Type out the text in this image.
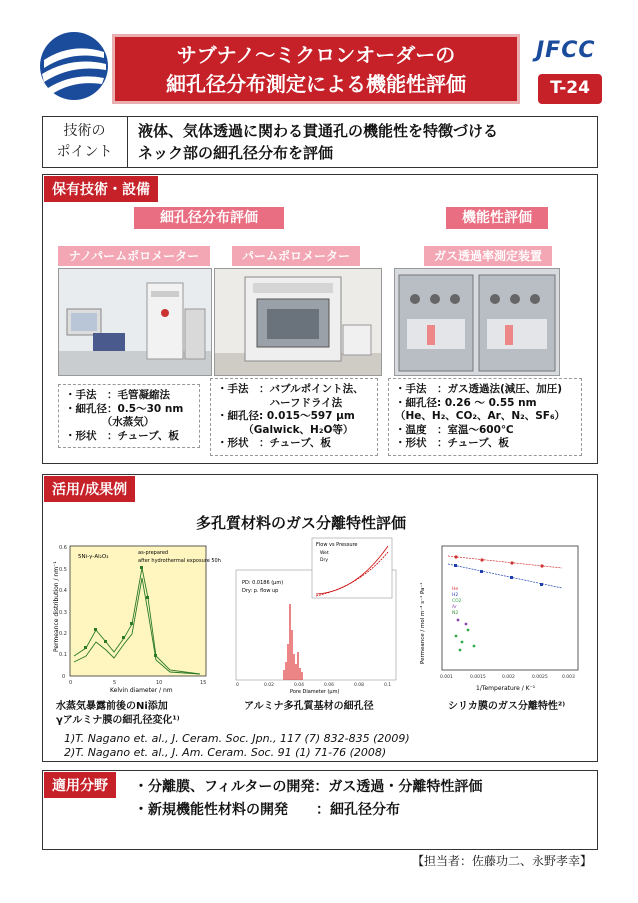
サブナノ～ミクロンオーダーの
細孔径分布測定による機能性評価
JFCC
T-24
技術の
ポイント
液体、気体透過に関わる貫通孔の機能性を特徴づける
ネック部の細孔径分布を評価
保有技術・設備
細孔径分布評価	機能性評価
ナノパームポロメーター	パームポロメーター	ガス透過率測定装置
・手法　：毛管凝縮法
・細孔径：0.5～30 nm
　　　　（水蒸気）
・形状　：チューブ、板
・手法　：バブルポイント法、
　　　　　ハーフドライ法
・細孔径: 0.015～597 μm
　　　（Galwick、H₂O等）
・形状　：チューブ、板
・手法　：ガス透過法(減圧、加圧)
・細孔径: 0.26 ～ 0.55 nm
（He、H₂、CO₂、Ar、N₂、SF₆）
・温度　：室温～600℃
・形状　：チューブ、板
活用/成果例
多孔質材料のガス分離特性評価
Permeance distribution / nm⁻¹
0
0.1
0.2
0.3
0.4
0.5
0.6
0	5	10	15
Kelvin diameter / nm
5Ni-γ-Al₂O₃
as-prepared
after hydrothermal exposure 50h
Flow vs Pressure
Wet
Dry
PD: 0.0186 (μm)
Dry: p. flow up
0	0.02	0.04	0.06	0.08	0.1
Pore Diameter (μm)
Permeance / mol m⁻² s⁻¹ Pa⁻¹
0.001	0.0015	0.002	0.0025	0.003
1/Temperature / K⁻¹
He
H2
CO2
Ar
N2
水蒸気暴露前後のNi添加
γアルミナ膜の細孔径変化¹⁾
アルミナ多孔質基材の細孔径	シリカ膜のガス分離特性²⁾
1)T. Nagano et. al., J. Ceram. Soc. Jpn., 117 (7) 832-835 (2009)
2)T. Nagano et. al., J. Am. Ceram. Soc. 91 (1) 71-76 (2008)
適用分野	・分離膜、フィルターの開発：ガス透過・分離特性評価
・新規機能性材料の開発　　：細孔径分布
【担当者：佐藤功二、永野孝幸】
